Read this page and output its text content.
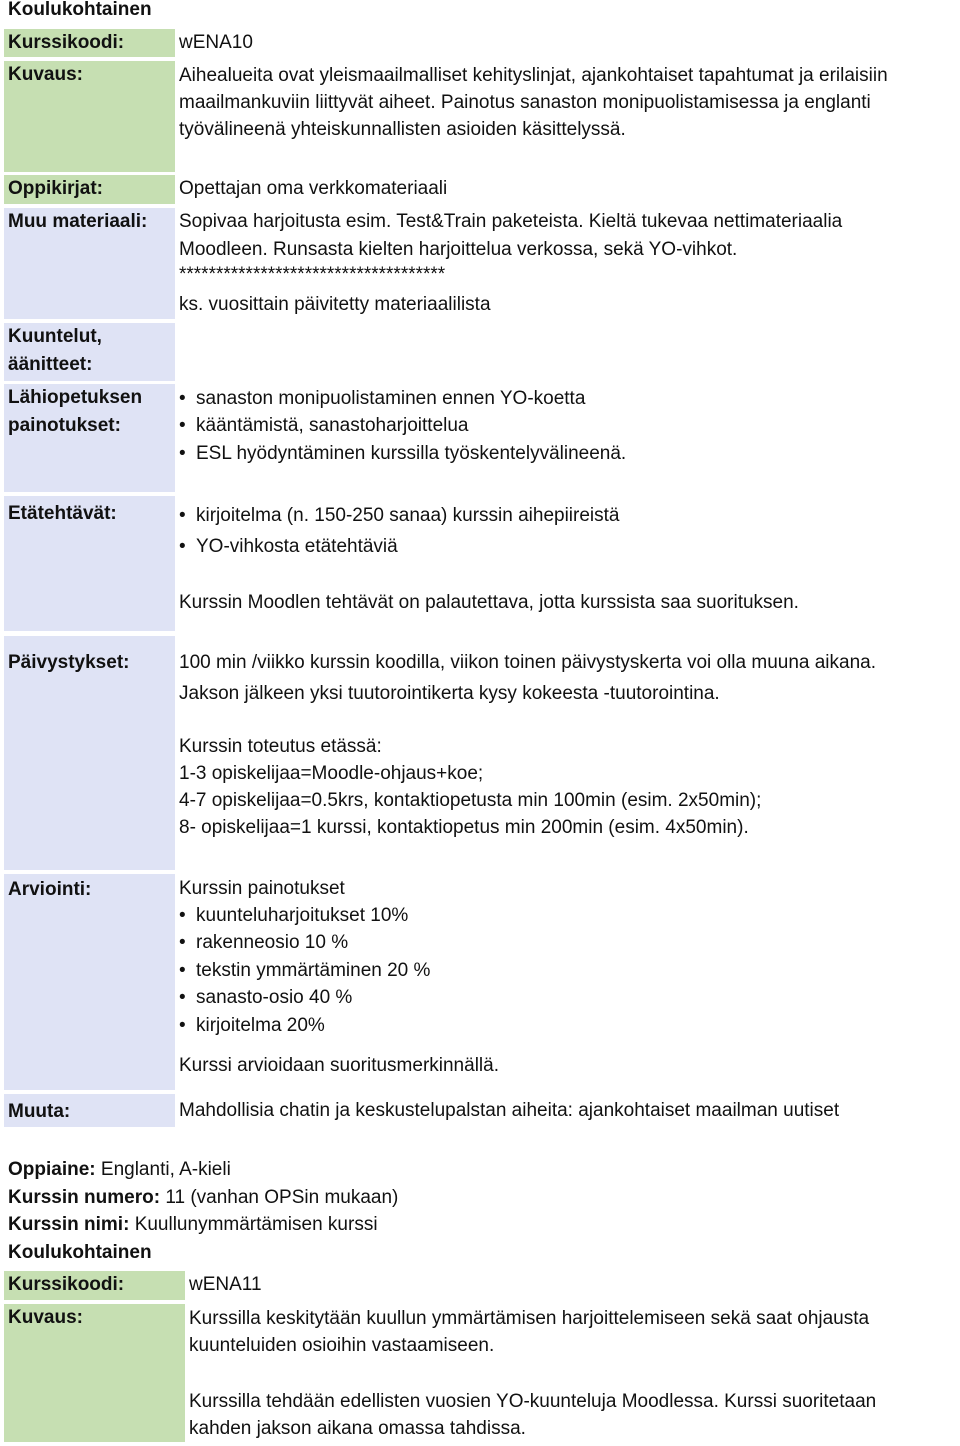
Koulukohtainen
Kurssikoodi:	wENA10
Kuvaus:	Aihealueita ovat yleismaailmalliset kehityslinjat, ajankohtaiset tapahtumat ja erilaisiin
maailmankuviin liittyvät aiheet. Painotus sanaston monipuolistamisessa ja englanti
työvälineenä yhteiskunnallisten asioiden käsittelyssä.
Oppikirjat:	Opettajan oma verkkomateriaali
Muu materiaali:	Sopivaa harjoitusta esim. Test&Train paketeista. Kieltä tukevaa nettimateriaalia
Moodleen. Runsasta kielten harjoittelua verkossa, sekä YO-vihkot.
************************************
ks. vuosittain päivitetty materiaalilista
Kuuntelut,
äänitteet:
Lähiopetuksen
painotukset:
• sanaston monipuolistaminen ennen YO-koetta
• kääntämistä, sanastoharjoittelua
• ESL hyödyntäminen kurssilla työskentelyvälineenä.
Etätehtävät:
•	kirjoitelma (n. 150-250 sanaa) kurssin aihepiireistä
• YO-vihkosta etätehtäviä
Kurssin Moodlen tehtävät on palautettava, jotta kurssista saa suorituksen.
Päivystykset:	100 min /viikko kurssin koodilla, viikon toinen päivystyskerta voi olla muuna aikana.
Jakson jälkeen yksi tuutorointikerta kysy kokeesta -tuutorointina.
Kurssin toteutus etässä:
1-3 opiskelijaa=Moodle-ohjaus+koe;
4-7 opiskelijaa=0.5krs, kontaktiopetusta min 100min (esim. 2x50min);
8- opiskelijaa=1 kurssi, kontaktiopetus min 200min (esim. 4x50min).
Arviointi:	Kurssin painotukset
• kuunteluharjoitukset 10%
• rakenneosio 10 %
• tekstin ymmärtäminen 20 %
• sanasto-osio 40 %
• kirjoitelma 20%
Kurssi arvioidaan suoritusmerkinnällä.
Muuta:	Mahdollisia chatin ja keskustelupalstan aiheita: ajankohtaiset maailman uutiset
Oppiaine: Englanti, A-kieli
Kurssin numero: 11 (vanhan OPSin mukaan)
Kurssin nimi: Kuullunymmärtämisen kurssi
Koulukohtainen
Kurssikoodi:	wENA11
Kuvaus:	Kurssilla keskitytään kuullun ymmärtämisen harjoittelemiseen sekä saat ohjausta
kuunteluiden osioihin vastaamiseen.
Kurssilla tehdään edellisten vuosien YO-kuunteluja Moodlessa. Kurssi suoritetaan
kahden jakson aikana omassa tahdissa.
